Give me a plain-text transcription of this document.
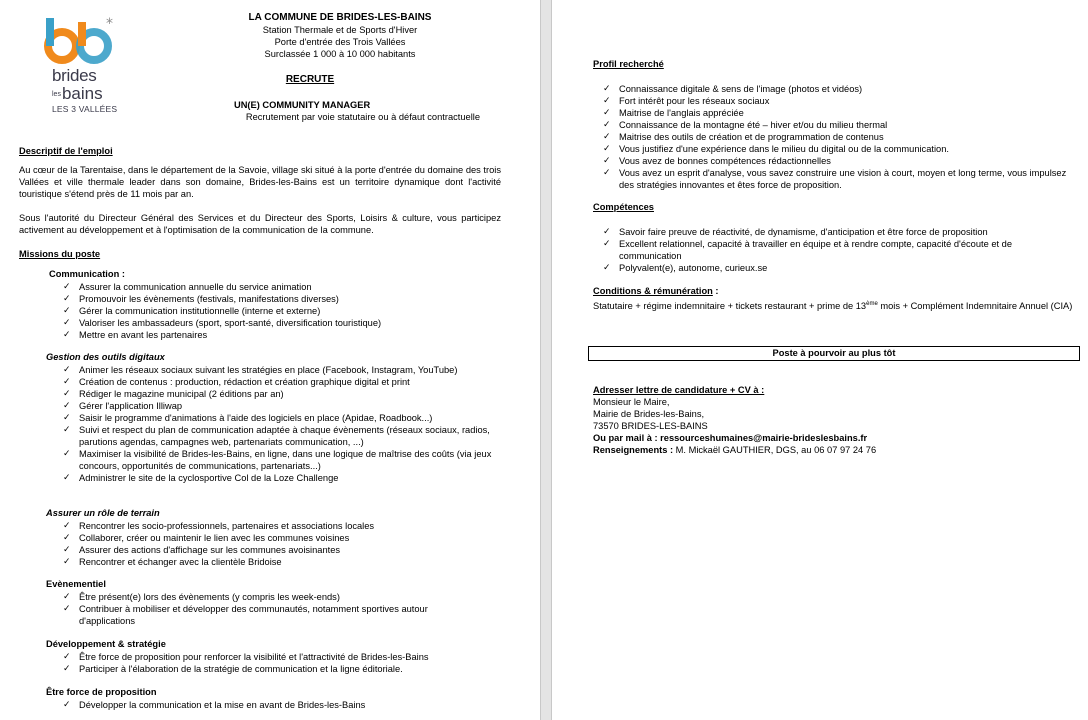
*
brides
lesbains
LES 3 VALLÉES
LA COMMUNE DE BRIDES-LES-BAINS
Station Thermale et de Sports d'Hiver
Porte d'entrée des Trois Vallées
Surclassée 1 000 à 10 000 habitants
RECRUTE
UN(E) COMMUNITY MANAGER
Recrutement par voie statutaire ou à défaut contractuelle
Descriptif de l'emploi
Au cœur de la Tarentaise, dans le département de la Savoie, village ski situé à la porte d'entrée du domaine des trois Vallées et ville thermale leader dans son domaine, Brides-les-Bains est un territoire dynamique dont l'activité touristique s'étend près de 11 mois par an.
Sous l'autorité du Directeur Général des Services et du Directeur des Sports, Loisirs & culture, vous participez activement au développement et à l'optimisation de la communication de la commune.
Missions du poste
Communication :
✓ Assurer la communication annuelle du service animation
✓ Promouvoir les évènements (festivals, manifestations diverses)
✓ Gérer la communication institutionnelle (interne et externe)
✓ Valoriser les ambassadeurs (sport, sport-santé, diversification touristique)
✓ Mettre en avant les partenaires
Gestion des outils digitaux
✓ Animer les réseaux sociaux suivant les stratégies en place (Facebook, Instagram, YouTube)
✓ Création de contenus : production, rédaction et création graphique digital et print
✓ Rédiger le magazine municipal (2 éditions par an)
✓ Gérer l'application Illiwap
✓ Saisir le programme d'animations à l'aide des logiciels en place (Apidae, Roadbook...)
✓ Suivi et respect du plan de communication adaptée à chaque évènements (réseaux sociaux, radios, parutions agendas, campagnes web, partenariats communication, ...)
✓ Maximiser la visibilité de Brides-les-Bains, en ligne, dans une logique de maîtrise des coûts (via jeux concours, opportunités de communications, partenariats...)
✓ Administrer le site de la cyclosportive Col de la Loze Challenge
Assurer un rôle de terrain
✓ Rencontrer les socio-professionnels, partenaires et associations locales
✓ Collaborer, créer ou maintenir le lien avec les communes voisines
✓ Assurer des actions d'affichage sur les communes avoisinantes
✓ Rencontrer et échanger avec la clientèle Bridoise
Evènementiel
✓ Être présent(e) lors des évènements (y compris les week-ends)
✓ Contribuer à mobiliser et développer des communautés, notamment sportives autour d'applications
Développement & stratégie
✓ Être force de proposition pour renforcer la visibilité et l'attractivité de Brides-les-Bains
✓ Participer à l'élaboration de la stratégie de communication et la ligne éditoriale.
Être force de proposition
✓ Développer la communication et la mise en avant de Brides-les-Bains
Profil recherché
✓ Connaissance digitale & sens de l'image (photos et vidéos)
✓ Fort intérêt pour les réseaux sociaux
✓ Maitrise de l'anglais appréciée
✓ Connaissance de la montagne été – hiver et/ou du milieu thermal
✓ Maitrise des outils de création et de programmation de contenus
✓ Vous justifiez d'une expérience dans le milieu du digital ou de la communication.
✓ Vous avez de bonnes compétences rédactionnelles
✓ Vous avez un esprit d'analyse, vous savez construire une vision à court, moyen et long terme, vous impulsez des stratégies innovantes et êtes force de proposition.
Compétences
✓ Savoir faire preuve de réactivité, de dynamisme, d'anticipation et être force de proposition
✓ Excellent relationnel, capacité à travailler en équipe et à rendre compte, capacité d'écoute et de communication
✓ Polyvalent(e), autonome, curieux.se
Conditions & rémunération :
Statutaire + régime indemnitaire + tickets restaurant + prime de 13ème mois + Complément Indemnitaire Annuel (CIA)
Poste à pourvoir au plus tôt
Adresser lettre de candidature + CV à :
Monsieur le Maire,
Mairie de Brides-les-Bains,
73570 BRIDES-LES-BAINS
Ou par mail à : ressourceshumaines@mairie-brideslesbains.fr
Renseignements : M. Mickaël GAUTHIER, DGS, au 06 07 97 24 76
